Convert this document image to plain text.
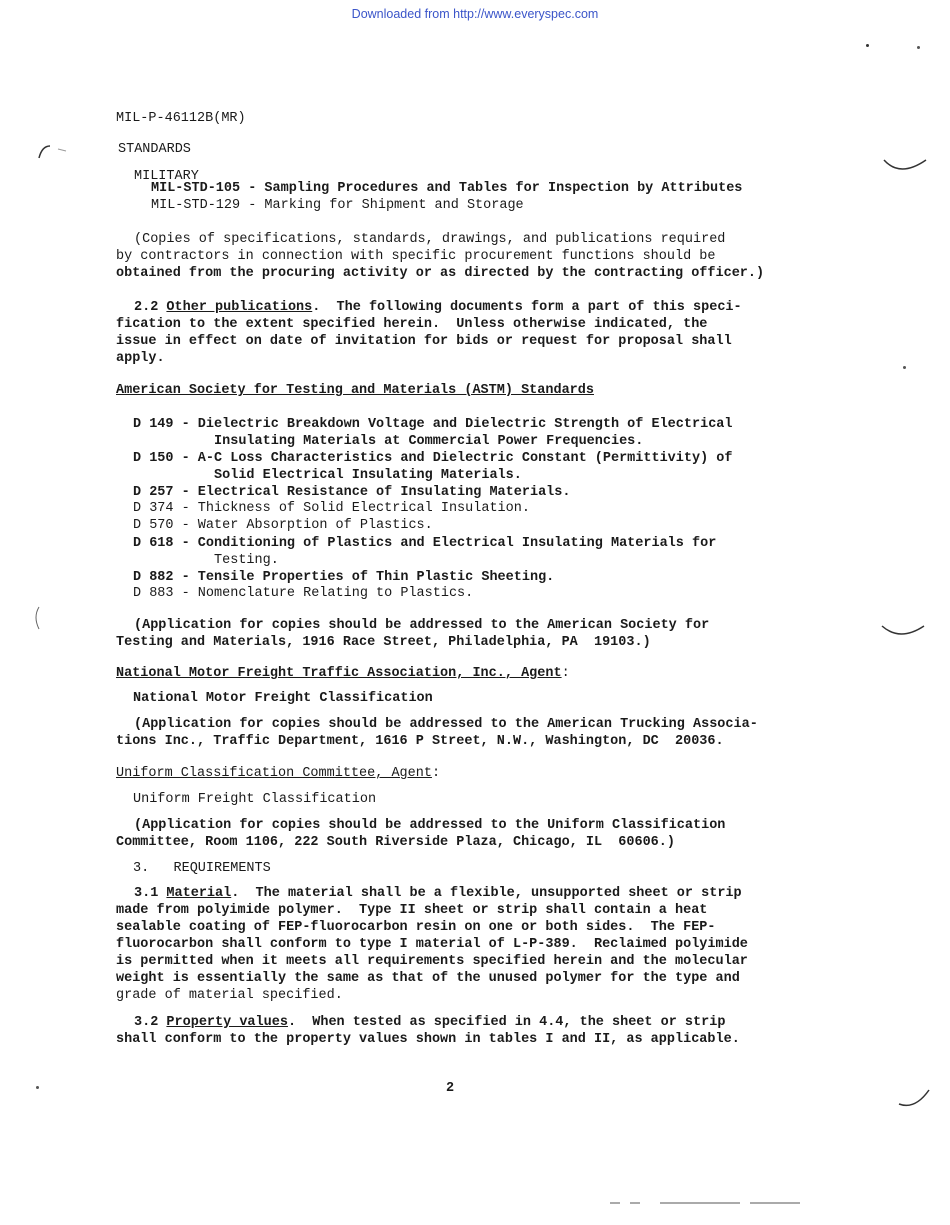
Downloaded from http://www.everyspec.com
MIL-P-46112B(MR)
STANDARDS
MILITARY
MIL-STD-105 - Sampling Procedures and Tables for Inspection by Attributes
MIL-STD-129 - Marking for Shipment and Storage
(Copies of specifications, standards, drawings, and publications required
by contractors in connection with specific procurement functions should be
obtained from the procuring activity or as directed by the contracting officer.)
2.2 Other publications.  The following documents form a part of this speci-
fication to the extent specified herein.  Unless otherwise indicated, the
issue in effect on date of invitation for bids or request for proposal shall
apply.
American Society for Testing and Materials (ASTM) Standards
D 149 - Dielectric Breakdown Voltage and Dielectric Strength of Electrical
Insulating Materials at Commercial Power Frequencies.
D 150 - A-C Loss Characteristics and Dielectric Constant (Permittivity) of
Solid Electrical Insulating Materials.
D 257 - Electrical Resistance of Insulating Materials.
D 374 - Thickness of Solid Electrical Insulation.
D 570 - Water Absorption of Plastics.
D 618 - Conditioning of Plastics and Electrical Insulating Materials for
Testing.
D 882 - Tensile Properties of Thin Plastic Sheeting.
D 883 - Nomenclature Relating to Plastics.
(Application for copies should be addressed to the American Society for
Testing and Materials, 1916 Race Street, Philadelphia, PA  19103.)
National Motor Freight Traffic Association, Inc., Agent:
National Motor Freight Classification
(Application for copies should be addressed to the American Trucking Associa-
tions Inc., Traffic Department, 1616 P Street, N.W., Washington, DC  20036.
Uniform Classification Committee, Agent:
Uniform Freight Classification
(Application for copies should be addressed to the Uniform Classification
Committee, Room 1106, 222 South Riverside Plaza, Chicago, IL  60606.)
3.   REQUIREMENTS
3.1 Material.  The material shall be a flexible, unsupported sheet or strip
made from polyimide polymer.  Type II sheet or strip shall contain a heat
sealable coating of FEP-fluorocarbon resin on one or both sides.  The FEP-
fluorocarbon shall conform to type I material of L-P-389.  Reclaimed polyimide
is permitted when it meets all requirements specified herein and the molecular
weight is essentially the same as that of the unused polymer for the type and
grade of material specified.
3.2 Property values.  When tested as specified in 4.4, the sheet or strip
shall conform to the property values shown in tables I and II, as applicable.
2
